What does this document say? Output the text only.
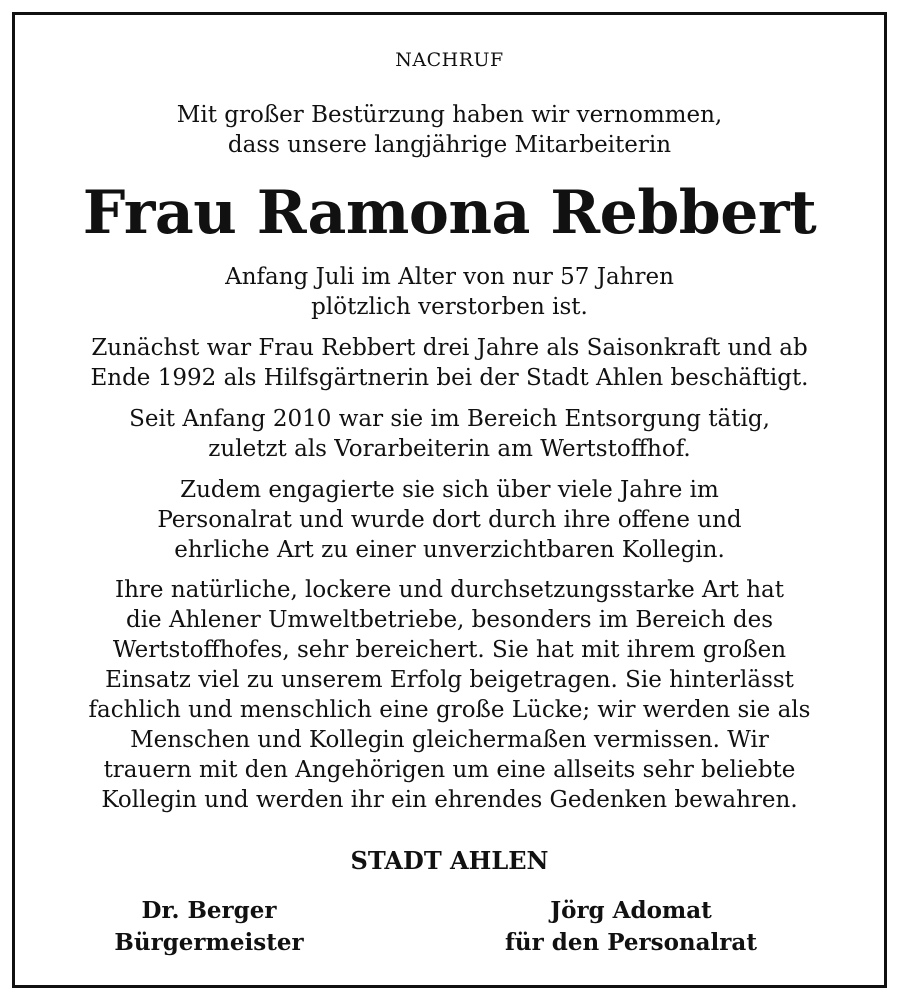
NACHRUF
Mit großer Bestürzung haben wir vernommen,
dass unsere langjährige Mitarbeiterin
Frau Ramona Rebbert
Anfang Juli im Alter von nur 57 Jahren
plötzlich verstorben ist.
Zunächst war Frau Rebbert drei Jahre als Saisonkraft und ab
Ende 1992 als Hilfsgärtnerin bei der Stadt Ahlen beschäftigt.
Seit Anfang 2010 war sie im Bereich Entsorgung tätig,
zuletzt als Vorarbeiterin am Wertstoffhof.
Zudem engagierte sie sich über viele Jahre im
Personalrat und wurde dort durch ihre offene und
ehrliche Art zu einer unverzichtbaren Kollegin.
Ihre natürliche, lockere und durchsetzungsstarke Art hat
die Ahlener Umweltbetriebe, besonders im Bereich des
Wertstoffhofes, sehr bereichert. Sie hat mit ihrem großen
Einsatz viel zu unserem Erfolg beigetragen. Sie hinterlässt
fachlich und menschlich eine große Lücke; wir werden sie als
Menschen und Kollegin gleichermaßen vermissen. Wir
trauern mit den Angehörigen um eine allseits sehr beliebte
Kollegin und werden ihr ein ehrendes Gedenken bewahren.
STADT AHLEN
Dr. Berger
Bürgermeister
Jörg Adomat
für den Personalrat
